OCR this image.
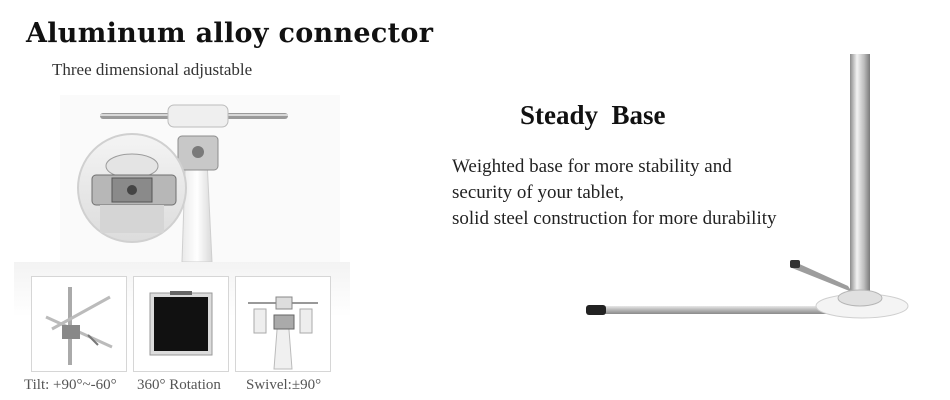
Tilt: +90°~-60° 360° Rotation Swivel:±90°
Aluminum alloy connector
Three dimensional adjustable
Steady  Base
Weighted base for more stability and
security of your tablet,
solid steel construction for more durability
